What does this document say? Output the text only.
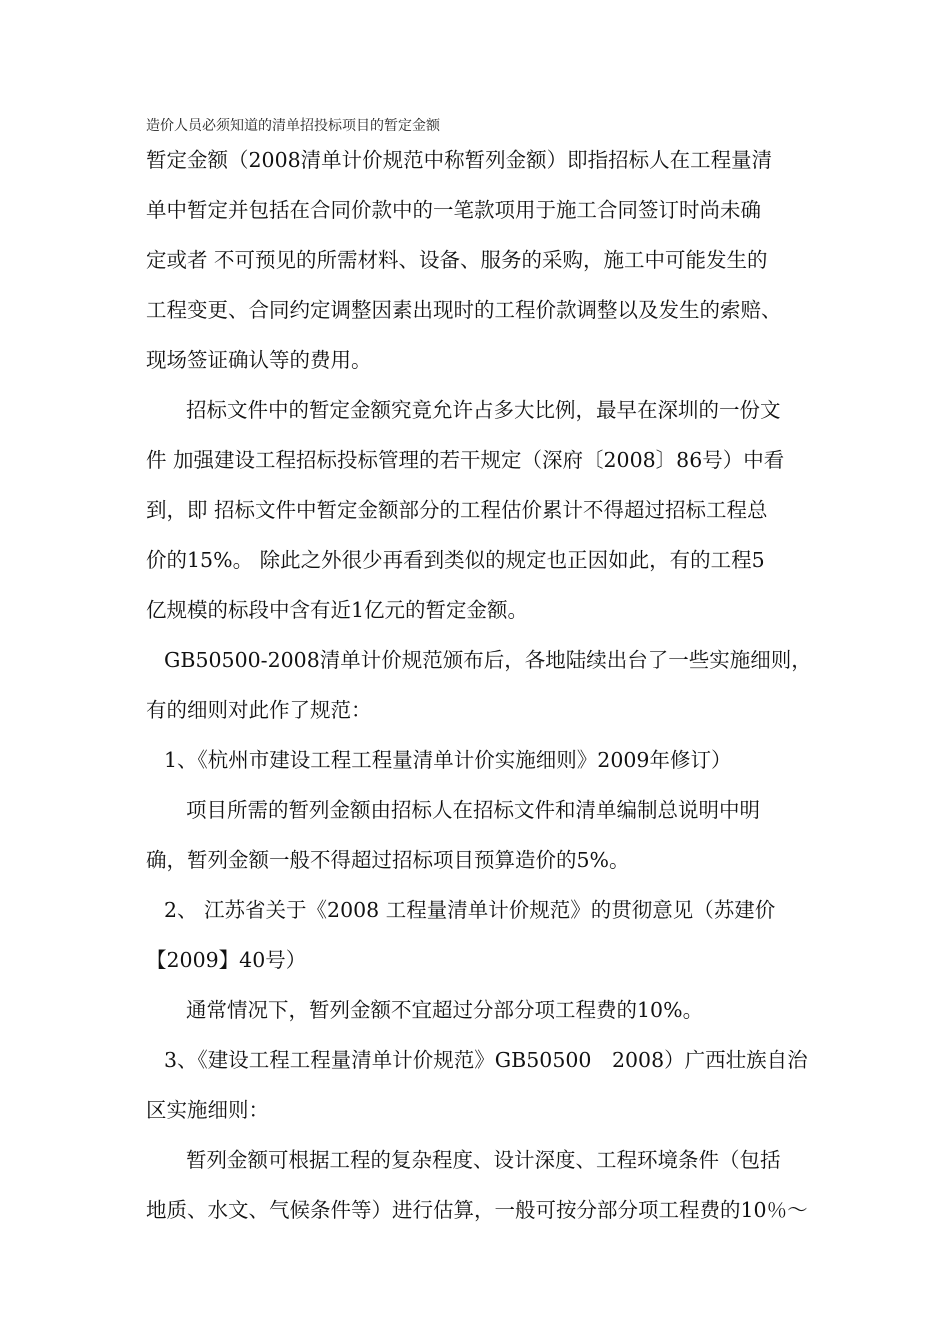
造价人员必须知道的清单招投标项目的暂定金额
暂定金额（2008清单计价规范中称暂列金额）即指招标人在工程量清
单中暂定并包括在合同价款中的一笔款项用于施工合同签订时尚未确
定或者 不可预见的所需材料、设备、服务的采购，施工中可能发生的
工程变更、合同约定调整因素出现时的工程价款调整以及发生的索赔、
现场签证确认等的费用。
招标文件中的暂定金额究竟允许占多大比例，最早在深圳的一份文
件 加强建设工程招标投标管理的若干规定（深府〔2008〕86号）中看
到，即 招标文件中暂定金额部分的工程估价累计不得超过招标工程总
价的15%。 除此之外很少再看到类似的规定也正因如此，有的工程5
亿规模的标段中含有近1亿元的暂定金额。
GB50500-2008清单计价规范颁布后，各地陆续出台了一些实施细则，
有的细则对此作了规范：
1、《杭州市建设工程工程量清单计价实施细则》2009年修订）
项目所需的暂列金额由招标人在招标文件和清单编制总说明中明
确，暂列金额一般不得超过招标项目预算造价的5%。
2、 江苏省关于《2008 工程量清单计价规范》的贯彻意见（苏建价
【2009】40号）
通常情况下，暂列金额不宜超过分部分项工程费的10%。
3、《建设工程工程量清单计价规范》GB50500　2008）广西壮族自治
区实施细则：
暂列金额可根据工程的复杂程度、设计深度、工程环境条件（包括
地质、水文、气候条件等）进行估算，一般可按分部分项工程费的10％～
